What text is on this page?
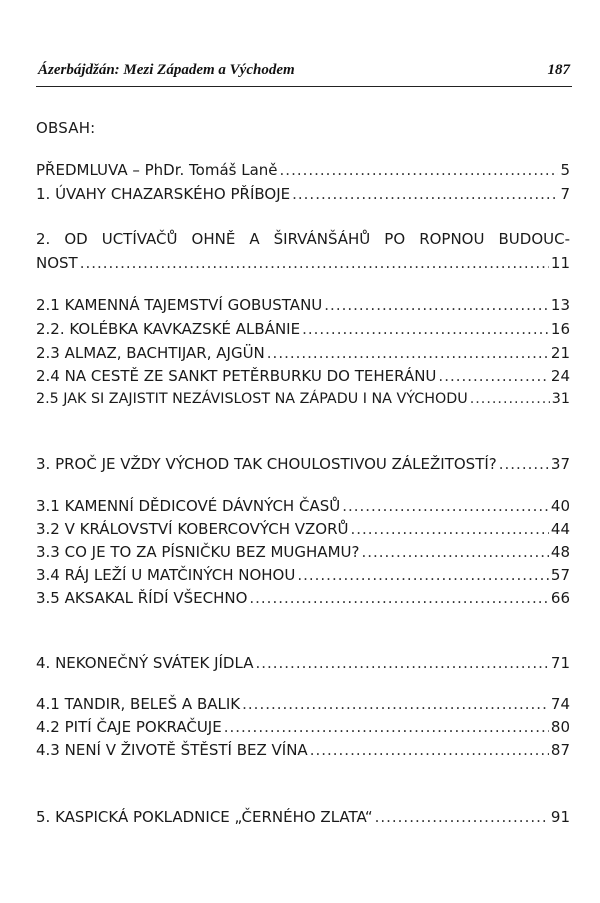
Ázerbájdžán: Mezi Západem a Východem	187
OBSAH:
PŘEDMLUVA – PhDr. Tomáš Laně .....	5
1. ÚVAHY CHAZARSKÉHO PŘÍBOJE .....	7
2. OD UCTÍVAČŮ OHNĚ A ŠIRVÁNŠÁHŮ PO ROPNOU BUDOUC-
NOST .....	11
2.1 KAMENNÁ TAJEMSTVÍ GOBUSTANU .....	13
2.2. KOLÉBKA KAVKAZSKÉ ALBÁNIE .....	16
2.3 ALMAZ, BACHTIJAR, AJGÜN .....	21
2.4 NA CESTĚ ZE SANKT PETĚRBURKU DO TEHERÁNU .....	24
2.5 JAK SI ZAJISTIT NEZÁVISLOST NA ZÁPADU I NA VÝCHODU .....	31
3. PROČ JE VŽDY VÝCHOD TAK CHOULOSTIVOU ZÁLEŽITOSTÍ? .....	37
3.1 KAMENNÍ DĚDICOVÉ DÁVNÝCH ČASŮ .....	40
3.2 V KRÁLOVSTVÍ KOBERCOVÝCH VZORŮ .....	44
3.3 CO JE TO ZA PÍSNIČKU BEZ MUGHAMU? .....	48
3.4 RÁJ LEŽÍ U MATČINÝCH NOHOU .....	57
3.5 AKSAKAL ŘÍDÍ VŠECHNO .....	66
4. NEKONEČNÝ SVÁTEK JÍDLA .....	71
4.1 TANDIR, BELEŠ A BALIK .....	74
4.2 PITÍ ČAJE POKRAČUJE .....	80
4.3 NENÍ V ŽIVOTĚ ŠTĚSTÍ BEZ VÍNA .....	87
5. KASPICKÁ POKLADNICE „ČERNÉHO ZLATA“ .....	91
